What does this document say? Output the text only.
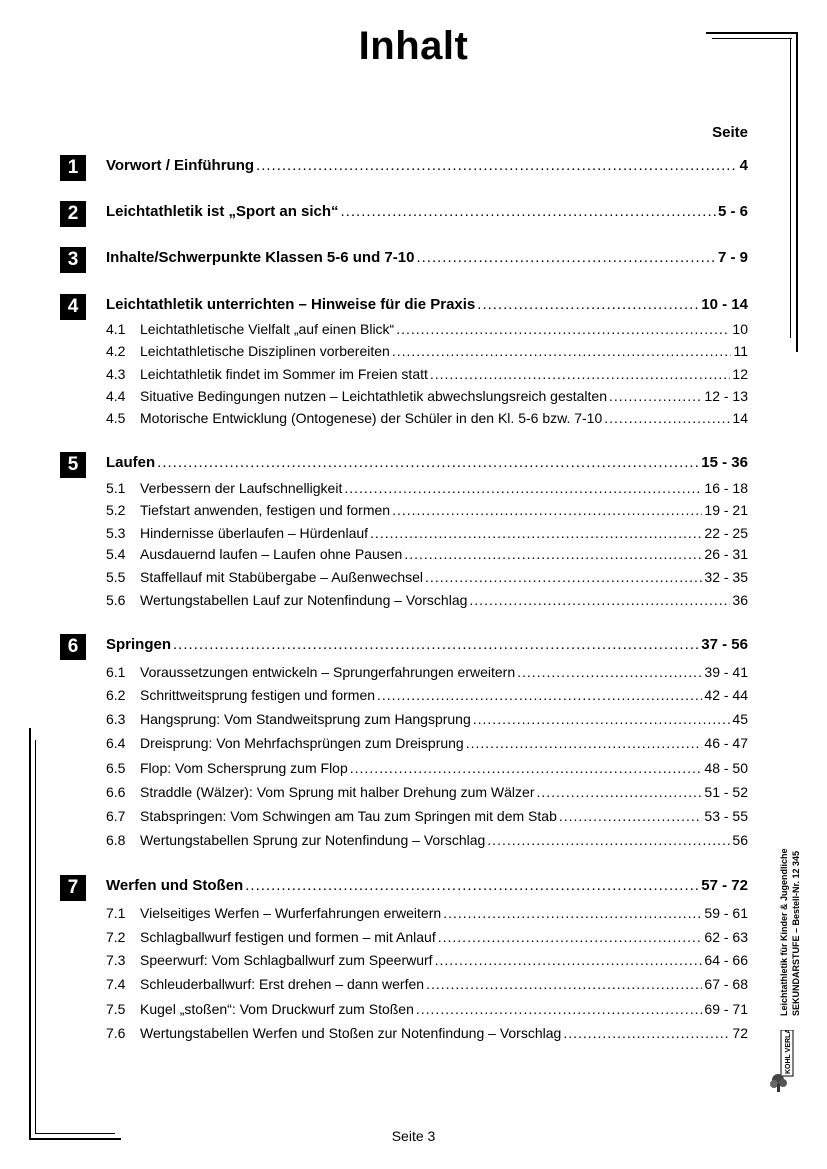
Inhalt
Seite
1	Vorwort / Einführung .....	4
2	Leichtathletik ist „Sport an sich“ .....	5 - 6
3	Inhalte/Schwerpunkte Klassen 5-6 und 7-10 .....	7 - 9
4	Leichtathletik unterrichten – Hinweise für die Praxis .....	10 - 14
4.1	Leichtathletische Vielfalt „auf einen Blick“ .....	10
4.2	Leichtathletische Disziplinen vorbereiten .....	11
4.3	Leichtathletik findet im Sommer im Freien statt .....	12
4.4	Situative Bedingungen nutzen – Leichtathletik abwechslungsreich gestalten .....	12 - 13
4.5	Motorische Entwicklung (Ontogenese) der Schüler in den Kl. 5-6 bzw. 7-10 .....	14
5	Laufen .....	15 - 36
5.1	Verbessern der Laufschnelligkeit .....	16 - 18
5.2	Tiefstart anwenden, festigen und formen .....	19 - 21
5.3	Hindernisse überlaufen – Hürdenlauf .....	22 - 25
5.4	Ausdauernd laufen – Laufen ohne Pausen .....	26 - 31
5.5	Staffellauf mit Stabübergabe – Außenwechsel .....	32 - 35
5.6	Wertungstabellen Lauf zur Notenfindung – Vorschlag .....	36
6	Springen .....	37 - 56
6.1	Voraussetzungen entwickeln – Sprungerfahrungen erweitern .....	39 - 41
6.2	Schrittweitsprung festigen und formen .....	42 - 44
6.3	Hangsprung: Vom Standweitsprung zum Hangsprung .....	45
6.4	Dreisprung: Von Mehrfachsprüngen zum Dreisprung .....	46 - 47
6.5	Flop: Vom Schersprung zum Flop .....	48 - 50
6.6	Straddle (Wälzer): Vom Sprung mit halber Drehung zum Wälzer .....	51 - 52
6.7	Stabspringen: Vom Schwingen am Tau zum Springen mit dem Stab .....	53 - 55
6.8	Wertungstabellen Sprung zur Notenfindung – Vorschlag .....	56
7	Werfen und Stoßen .....	57 - 72
7.1	Vielseitiges Werfen – Wurferfahrungen erweitern .....	59 - 61
7.2	Schlagballwurf festigen und formen – mit Anlauf .....	62 - 63
7.3	Speerwurf: Vom Schlagballwurf zum Speerwurf .....	64 - 66
7.4	Schleuderballwurf: Erst drehen – dann werfen .....	67 - 68
7.5	Kugel „stoßen“: Vom Druckwurf zum Stoßen .....	69 - 71
7.6	Wertungstabellen Werfen und Stoßen zur Notenfindung – Vorschlag .....	72
Leichtathletik für Kinder & Jugendliche SEKUNDARSTUFE – Bestell-Nr. 12 345
KOHL VERLAG
Seite 3
